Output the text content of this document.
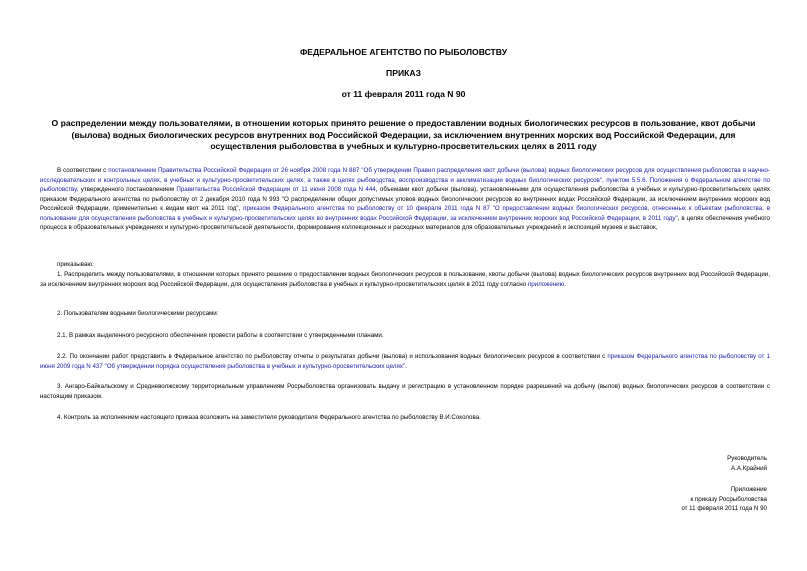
ФЕДЕРАЛЬНОЕ АГЕНТСТВО ПО РЫБОЛОВСТВУ
ПРИКАЗ
от 11 февраля 2011 года N 90
О распределении между пользователями, в отношении которых принято решение о предоставлении водных биологических ресурсов в пользование, квот добычи (вылова) водных биологических ресурсов внутренних вод Российской Федерации, за исключением внутренних морских вод Российской Федерации, для осуществления рыболовства в учебных и культурно-просветительских целях в 2011 году
В соответствии с постановлением Правительства Российской Федерации от 26 ноября 2008 года N 887 "Об утверждении Правил распределения квот добычи (вылова) водных биологических ресурсов для осуществления рыболовства в научно-исследовательских и контрольных целях, в учебных и культурно-просветительских целях, а также в целях рыбоводства, воспроизводства и акклиматизации водных биологических ресурсов", пунктом 5.5.6. Положения о Федеральном агентстве по рыболовству, утвержденного постановлением Правительства Российской Федерации от 11 июня 2008 года N 444, объемами квот добычи (вылова), установленными для осуществления рыболовства в учебных и культурно-просветительских целях приказом Федерального агентства по рыболовству от 2 декабря 2010 года N 993 "О распределении общих допустимых уловов водных биологических ресурсов во внутренних водах Российской Федерации, за исключением внутренних морских вод Российской Федерации, применительно к видам квот на 2011 год", приказом Федерального агентства по рыболовству от 10 февраля 2011 года N 87 "О предоставлении водных биологических ресурсов, отнесенных к объектам рыболовства, в пользование для осуществления рыболовства в учебных и культурно-просветительских целях во внутренних водах Российской Федерации, за исключением внутренних морских вод Российской Федерации, в 2011 году", в целях обеспечения учебного процесса в образовательных учреждениях и культурно-просветительской деятельности, формирования коллекционных и расходных материалов для образовательных учреждений и экспозиций музеев и выставок,
приказываю:
1. Распределить между пользователями, в отношении которых принято решение о предоставлении водных биологических ресурсов в пользование, квоты добычи (вылова) водных биологических ресурсов внутренних вод Российской Федерации, за исключением внутренних морских вод Российской Федерации, для осуществления рыболовства в учебных и культурно-просветительских целях в 2011 году согласно приложению.
2. Пользователям водными биологическими ресурсами:
2.1. В рамках выделенного ресурсного обеспечения провести работы в соответствии с утвержденными планами.
2.2. По окончании работ представить в Федеральное агентство по рыболовству отчеты о результатах добычи (вылова) и использования водных биологических ресурсов в соответствии с приказом Федерального агентства по рыболовству от 1 июня 2009 года N 437 "Об утверждении порядка осуществления рыболовства в учебных и культурно-просветительских целях".
3. Ангаро-Байкальскому и Средневолжскому территориальным управлениям Росрыболовства организовать выдачу и регистрацию в установленном порядке разрешений на добычу (вылов) водных биологических ресурсов в соответствии с настоящим приказом.
4. Контроль за исполнением настоящего приказа возложить на заместителя руководителя Федерального агентства по рыболовству В.И.Соколова.
Руководитель
А.А.Крайний
Приложение
к приказу Росрыболовства
от 11 февраля 2011 года N 90
